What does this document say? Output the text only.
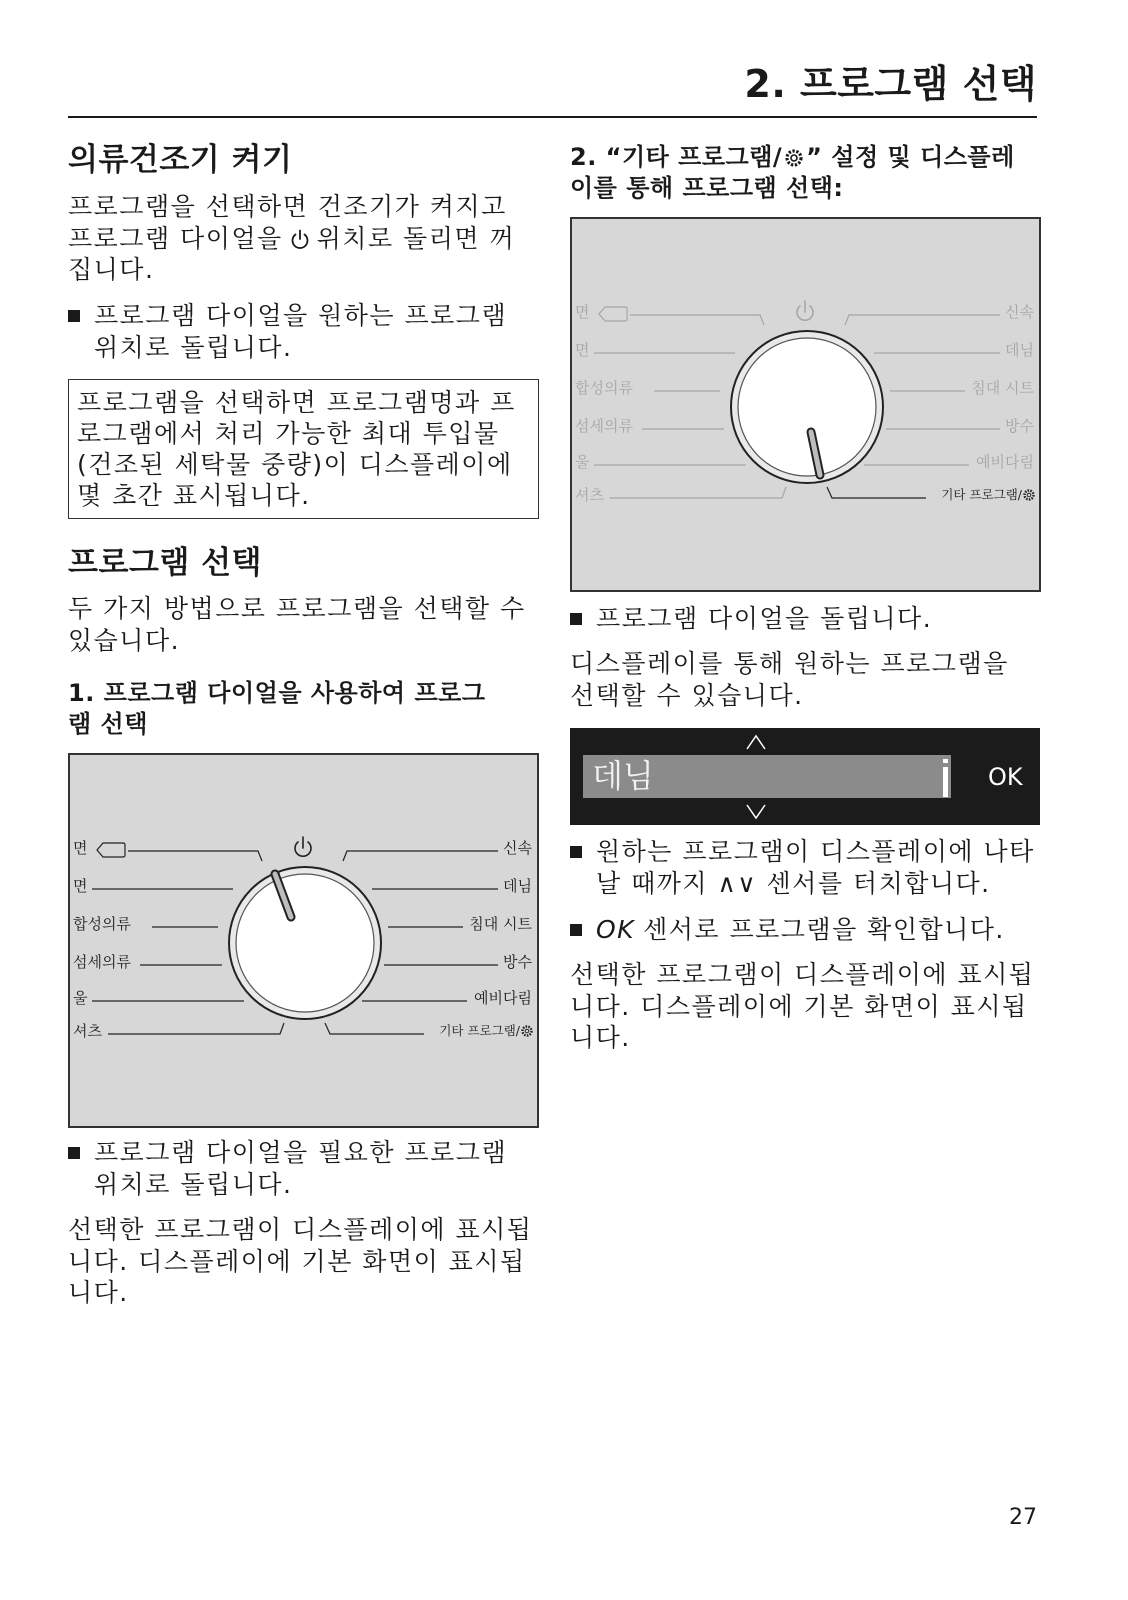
2. 프로그램 선택
의류건조기 켜기
프로그램을 선택하면 건조기가 켜지고
프로그램 다이얼을 위치로 돌리면 꺼
집니다.
프로그램 다이얼을 원하는 프로그램
위치로 돌립니다.
프로그램을 선택하면 프로그램명과 프
로그램에서 처리 가능한 최대 투입물
(건조된 세탁물 중량)이 디스플레이에
몇 초간 표시됩니다.
프로그램 선택
두 가지 방법으로 프로그램을 선택할 수
있습니다.
1. 프로그램 다이얼을 사용하여 프로그
램 선택
면
면
합성의류
섬세의류
울
셔츠
신속
데님
침대 시트
방수
예비다림
기타 프로그램/
프로그램 다이얼을 필요한 프로그램
위치로 돌립니다.
선택한 프로그램이 디스플레이에 표시됩
니다. 디스플레이에 기본 화면이 표시됩
니다.
2. “기타 프로그램/ ” 설정 및 디스플레
이를 통해 프로그램 선택:
면
면
합성의류
섬세의류
울
셔츠
신속
데님
침대 시트
방수
예비다림
기타 프로그램/
프로그램 다이얼을 돌립니다.
디스플레이를 통해 원하는 프로그램을
선택할 수 있습니다.
데님	OK
원하는 프로그램이 디스플레이에 나타
날 때까지 ∧∨ 센서를 터치합니다.
OK 센서로 프로그램을 확인합니다.
선택한 프로그램이 디스플레이에 표시됩
니다. 디스플레이에 기본 화면이 표시됩
니다.
27
